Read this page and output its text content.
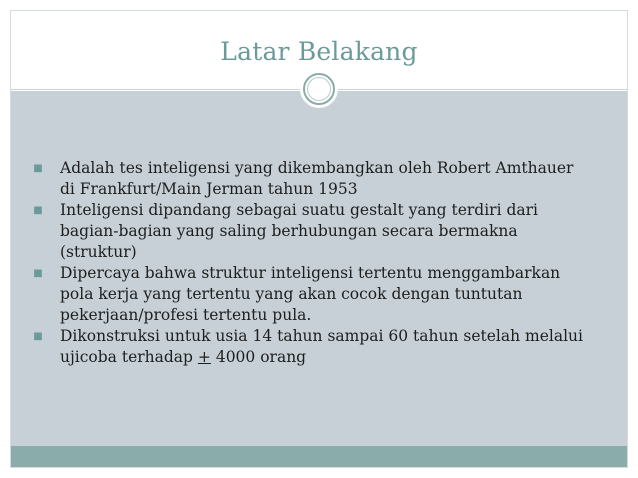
Latar Belakang
■	Adalah tes inteligensi yang dikembangkan oleh Robert Amthauer di Frankfurt/Main Jerman tahun 1953
■	Inteligensi dipandang sebagai suatu gestalt yang terdiri dari bagian-bagian yang saling berhubungan secara bermakna (struktur)
■	Dipercaya bahwa struktur inteligensi tertentu menggambarkan pola kerja yang tertentu yang akan cocok dengan tuntutan pekerjaan/profesi tertentu pula.
■	Dikonstruksi untuk usia 14 tahun sampai 60 tahun setelah melalui ujicoba terhadap + 4000 orang
